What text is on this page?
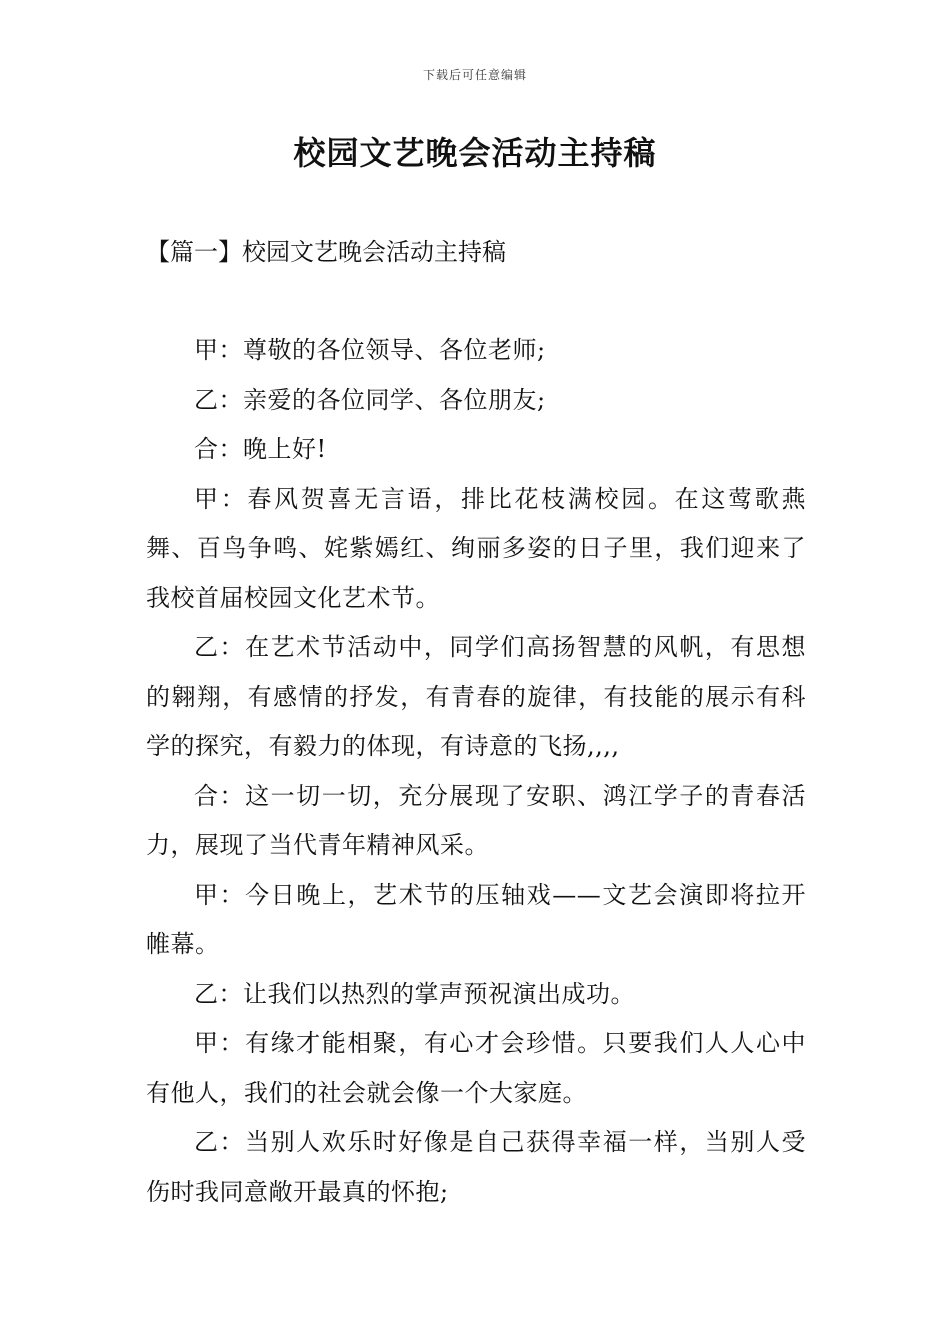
下载后可任意编辑
校园文艺晚会活动主持稿
【篇一】校园文艺晚会活动主持稿

甲：尊敬的各位领导、各位老师;

乙：亲爱的各位同学、各位朋友;

合：晚上好!

甲：春风贺喜无言语，排比花枝满校园。在这莺歌燕舞、百鸟争鸣、姹紫嫣红、绚丽多姿的日子里，我们迎来了我校首届校园文化艺术节。

乙：在艺术节活动中，同学们高扬智慧的风帆，有思想的翱翔，有感情的抒发，有青春的旋律，有技能的展示有科学的探究，有毅力的体现，有诗意的飞扬,,,,

合：这一切一切，充分展现了安职、鸿江学子的青春活力，展现了当代青年精神风采。

甲：今日晚上，艺术节的压轴戏——文艺会演即将拉开帷幕。

乙：让我们以热烈的掌声预祝演出成功。

甲：有缘才能相聚，有心才会珍惜。只要我们人人心中有他人，我们的社会就会像一个大家庭。

乙：当别人欢乐时好像是自己获得幸福一样，当别人受伤时我同意敞开最真的怀抱;
